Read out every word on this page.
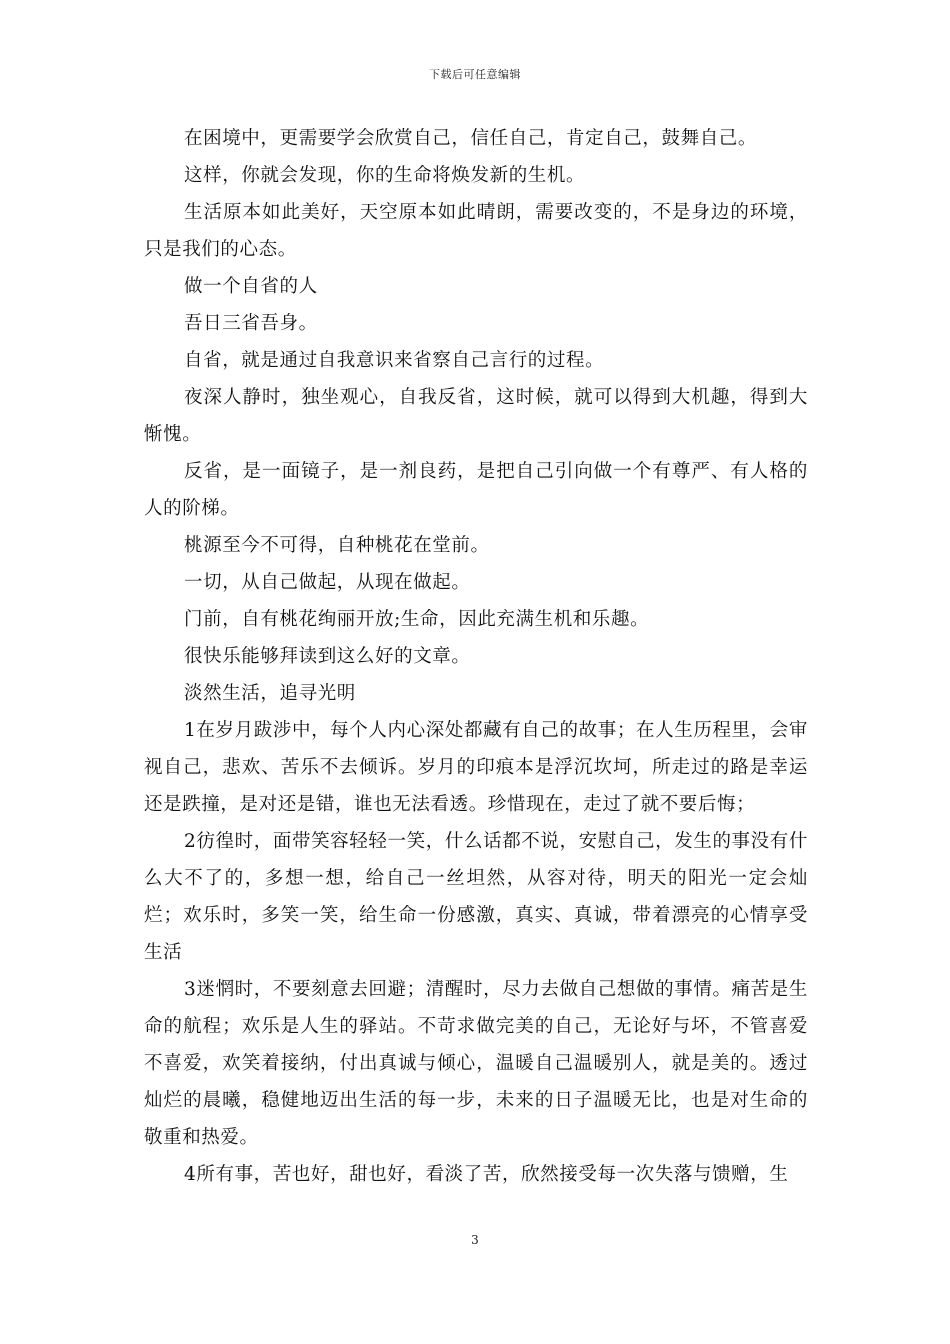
下载后可任意编辑

在困境中，更需要学会欣赏自己，信任自己，肯定自己，鼓舞自己。

这样，你就会发现，你的生命将焕发新的生机。

生活原本如此美好，天空原本如此晴朗，需要改变的，不是身边的环境，只是我们的心态。

做一个自省的人

吾日三省吾身。

自省，就是通过自我意识来省察自己言行的过程。

夜深人静时，独坐观心，自我反省，这时候，就可以得到大机趣，得到大惭愧。

反省，是一面镜子，是一剂良药，是把自己引向做一个有尊严、有人格的人的阶梯。

桃源至今不可得，自种桃花在堂前。

一切，从自己做起，从现在做起。

门前，自有桃花绚丽开放;生命，因此充满生机和乐趣。

很快乐能够拜读到这么好的文章。

淡然生活，追寻光明

1在岁月跋涉中，每个人内心深处都藏有自己的故事；在人生历程里，会审视自己，悲欢、苦乐不去倾诉。岁月的印痕本是浮沉坎坷，所走过的路是幸运还是跌撞，是对还是错，谁也无法看透。珍惜现在，走过了就不要后悔；

2彷徨时，面带笑容轻轻一笑，什么话都不说，安慰自己，发生的事没有什么大不了的，多想一想，给自己一丝坦然，从容对待，明天的阳光一定会灿烂；欢乐时，多笑一笑，给生命一份感激，真实、真诚，带着漂亮的心情享受生活

3迷惘时，不要刻意去回避；清醒时，尽力去做自己想做的事情。痛苦是生命的航程；欢乐是人生的驿站。不苛求做完美的自己，无论好与坏，不管喜爱不喜爱，欢笑着接纳，付出真诚与倾心，温暖自己温暖别人，就是美的。透过灿烂的晨曦，稳健地迈出生活的每一步，未来的日子温暖无比，也是对生命的敬重和热爱。

4所有事，苦也好，甜也好，看淡了苦，欣然接受每一次失落与馈赠，生

3
